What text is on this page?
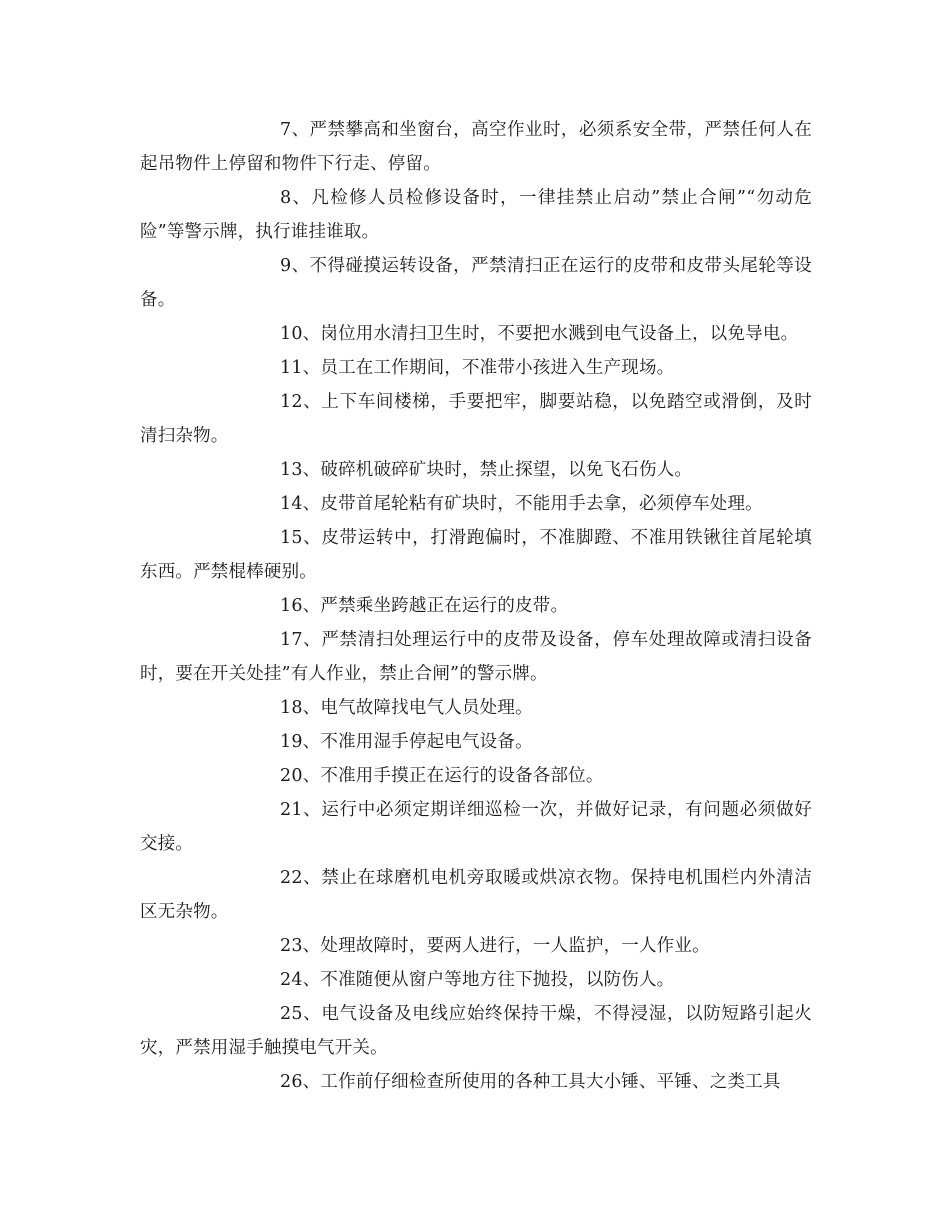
7、严禁攀高和坐窗台，高空作业时，必须系安全带，严禁任何人在起吊物件上停留和物件下行走、停留。

8、凡检修人员检修设备时，一律挂禁止启动”禁止合闸”“勿动危险”等警示牌，执行谁挂谁取。

9、不得碰摸运转设备，严禁清扫正在运行的皮带和皮带头尾轮等设备。

10、岗位用水清扫卫生时，不要把水溅到电气设备上，以免导电。

11、员工在工作期间，不准带小孩进入生产现场。

12、上下车间楼梯，手要把牢，脚要站稳，以免踏空或滑倒，及时清扫杂物。

13、破碎机破碎矿块时，禁止探望，以免飞石伤人。

14、皮带首尾轮粘有矿块时，不能用手去拿，必须停车处理。

15、皮带运转中，打滑跑偏时，不准脚蹬、不准用铁锹往首尾轮填东西。严禁棍棒硬别。

16、严禁乘坐跨越正在运行的皮带。

17、严禁清扫处理运行中的皮带及设备，停车处理故障或清扫设备时，要在开关处挂”有人作业，禁止合闸”的警示牌。

18、电气故障找电气人员处理。

19、不准用湿手停起电气设备。

20、不准用手摸正在运行的设备各部位。

21、运行中必须定期详细巡检一次，并做好记录，有问题必须做好交接。

22、禁止在球磨机电机旁取暖或烘凉衣物。保持电机围栏内外清洁区无杂物。

23、处理故障时，要两人进行，一人监护，一人作业。

24、不准随便从窗户等地方往下抛投，以防伤人。

25、电气设备及电线应始终保持干燥，不得浸湿，以防短路引起火灾，严禁用湿手触摸电气开关。

26、工作前仔细检查所使用的各种工具大小锤、平锤、之类工具
